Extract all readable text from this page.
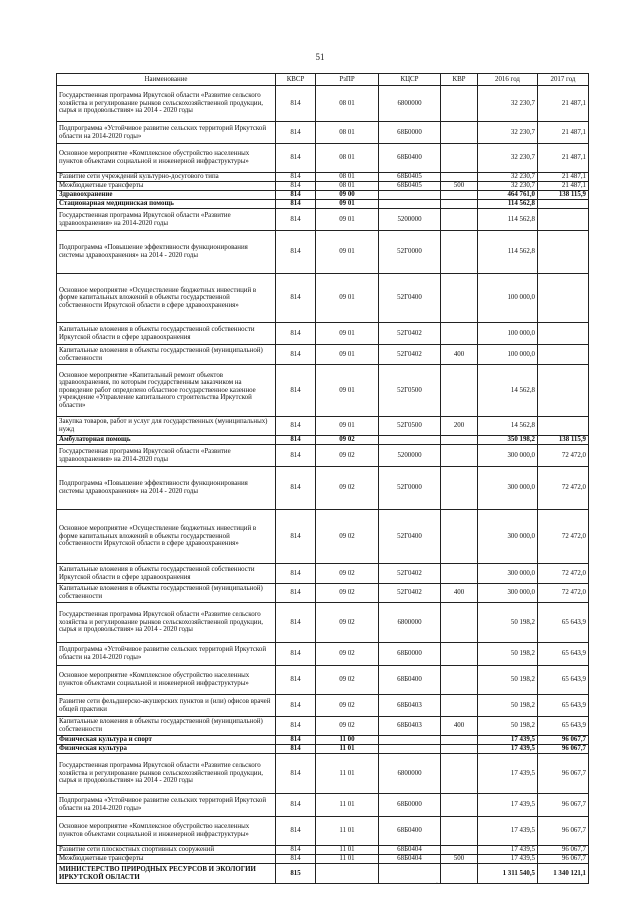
51
Наименование	КВСР	РзПР	КЦСР	КВР	2016 год	2017 год
Государственная программа Иркутской области «Развитие сельского хозяйства и регулирование рынков сельскохозяйственной продукции, сырья и продовольствия» на 2014 - 2020 годы	814	08 01	6800000		32 230,7	21 487,1
Подпрограмма «Устойчивое развитие сельских территорий Иркутской области на 2014-2020 годы»	814	08 01	68Б0000		32 230,7	21 487,1
Основное мероприятие «Комплексное обустройство населенных пунктов объектами социальной и инженерной инфраструктуры»	814	08 01	68Б0400		32 230,7	21 487,1
Развитие сети учреждений культурно-досугового типа	814	08 01	68Б0405		32 230,7	21 487,1
Межбюджетные трансферты	814	08 01	68Б0405	500	32 230,7	21 487,1
Здравоохранение	814	09 00			464 761,0	138 115,9
Стационарная медицинская помощь	814	09 01			114 562,8	
Государственная программа Иркутской области «Развитие здравоохранения» на 2014-2020 годы	814	09 01	5200000		114 562,8	
Подпрограмма «Повышение эффективности функционирования системы здравоохранения» на 2014 - 2020 годы	814	09 01	52Г0000		114 562,8	
Основное мероприятие «Осуществление бюджетных инвестиций в форме капитальных вложений в объекты государственной собственности Иркутской области в сфере здравоохранения»	814	09 01	52Г0400		100 000,0	
Капитальные вложения в объекты государственной собственности Иркутской области в сфере здравоохранения	814	09 01	52Г0402		100 000,0	
Капитальные вложения в объекты государственной (муниципальной) собственности	814	09 01	52Г0402	400	100 000,0	
Основное мероприятие «Капитальный ремонт объектов здравоохранения, по которым государственным заказчиком на проведение работ определено областное государственное казенное учреждение «Управление капитального строительства Иркутской области»	814	09 01	52Г0500		14 562,8	
Закупка товаров, работ и услуг для государственных (муниципальных) нужд	814	09 01	52Г0500	200	14 562,8	
Амбулаторная помощь	814	09 02			350 198,2	138 115,9
Государственная программа Иркутской области «Развитие здравоохранения» на 2014-2020 годы	814	09 02	5200000		300 000,0	72 472,0
Подпрограмма «Повышение эффективности функционирования системы здравоохранения» на 2014 - 2020 годы	814	09 02	52Г0000		300 000,0	72 472,0
Основное мероприятие «Осуществление бюджетных инвестиций в форме капитальных вложений в объекты государственной собственности Иркутской области в сфере здравоохранения»	814	09 02	52Г0400		300 000,0	72 472,0
Капитальные вложения в объекты государственной собственности Иркутской области в сфере здравоохранения	814	09 02	52Г0402		300 000,0	72 472,0
Капитальные вложения в объекты государственной (муниципальной) собственности	814	09 02	52Г0402	400	300 000,0	72 472,0
Государственная программа Иркутской области «Развитие сельского хозяйства и регулирование рынков сельскохозяйственной продукции, сырья и продовольствия» на 2014 - 2020 годы	814	09 02	6800000		50 198,2	65 643,9
Подпрограмма «Устойчивое развитие сельских территорий Иркутской области на 2014-2020 годы»	814	09 02	68Б0000		50 198,2	65 643,9
Основное мероприятие «Комплексное обустройство населенных пунктов объектами социальной и инженерной инфраструктуры»	814	09 02	68Б0400		50 198,2	65 643,9
Развитие сети фельдшерско-акушерских пунктов и (или) офисов врачей общей практики	814	09 02	68Б0403		50 198,2	65 643,9
Капитальные вложения в объекты государственной (муниципальной) собственности	814	09 02	68Б0403	400	50 198,2	65 643,9
Физическая культура и спорт	814	11 00			17 439,5	96 067,7
Физическая культура	814	11 01			17 439,5	96 067,7
Государственная программа Иркутской области «Развитие сельского хозяйства и регулирование рынков сельскохозяйственной продукции, сырья и продовольствия» на 2014 - 2020 годы	814	11 01	6800000		17 439,5	96 067,7
Подпрограмма «Устойчивое развитие сельских территорий Иркутской области на 2014-2020 годы»	814	11 01	68Б0000		17 439,5	96 067,7
Основное мероприятие «Комплексное обустройство населенных пунктов объектами социальной и инженерной инфраструктуры»	814	11 01	68Б0400		17 439,5	96 067,7
Развитие сети плоскостных спортивных сооружений	814	11 01	68Б0404		17 439,5	96 067,7
Межбюджетные трансферты	814	11 01	68Б0404	500	17 439,5	96 067,7
МИНИСТЕРСТВО ПРИРОДНЫХ РЕСУРСОВ И ЭКОЛОГИИ ИРКУТСКОЙ ОБЛАСТИ	815				1 311 540,5	1 340 121,1
‧
